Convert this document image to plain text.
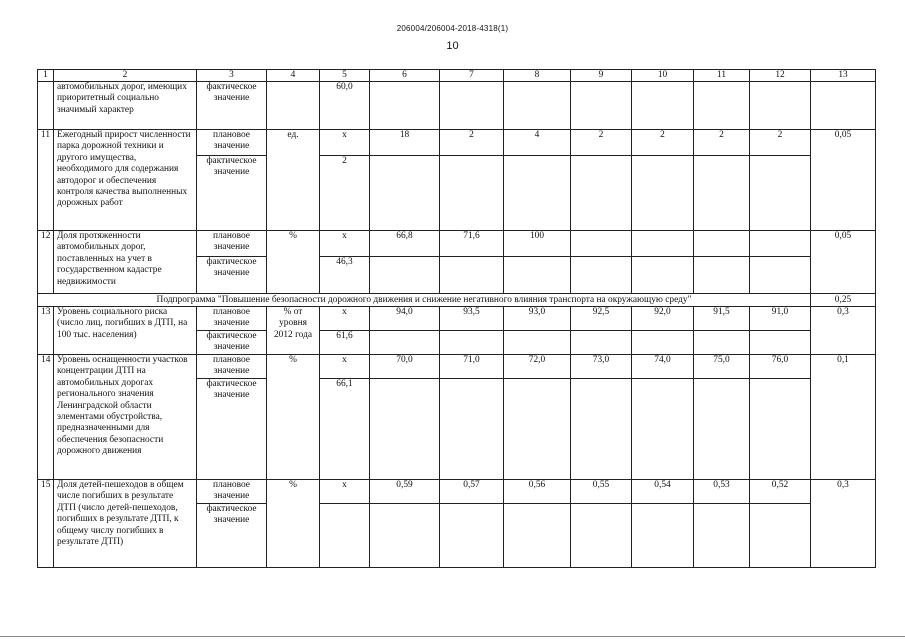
206004/206004-2018-4318(1)
10
1	2	3	4	5	6	7	8	9	10	11	12	13
	автомобильных дорог, имеющих приоритетный социально значимый характер	фактическое значение		60,0								
11	Ежегодный прирост численности парка дорожной техники и другого имущества, необходимого для содержания автодорог и обеспечения контроля качества выполненных дорожных работ	плановое значение	ед.	х	18	2	4	2	2	2	2	0,05
		фактическое значение		2								
12	Доля протяженности автомобильных дорог, поставленных на учет в государственном кадастре недвижимости	плановое значение	%	х	66,8	71,6	100					0,05
		фактическое значение		46,3								
Подпрограмма "Повышение безопасности дорожного движения и снижение негативного влияния транспорта на окружающую среду"												0,25
13	Уровень социального риска (число лиц, погибших в ДТП, на 100 тыс. населения)	плановое значение	% от уровня 2012 года	х	94,0	93,5	93,0	92,5	92,0	91,5	91,0	0,3
		фактическое значение		61,6								
14	Уровень оснащенности участков концентрации ДТП на автомобильных дорогах регионального значения Ленинградской области элементами обустройства, предназначенными для обеспечения безопасности дорожного движения	плановое значение	%	х	70,0	71,0	72,0	73,0	74,0	75,0	76,0	0,1
		фактическое значение		66,1								
15	Доля детей-пешеходов в общем числе погибших в результате ДТП (число детей-пешеходов, погибших в результате ДТП, к общему числу погибших в результате ДТП)	плановое значение	%	х	0,59	0,57	0,56	0,55	0,54	0,53	0,52	0,3
		фактическое значение										
